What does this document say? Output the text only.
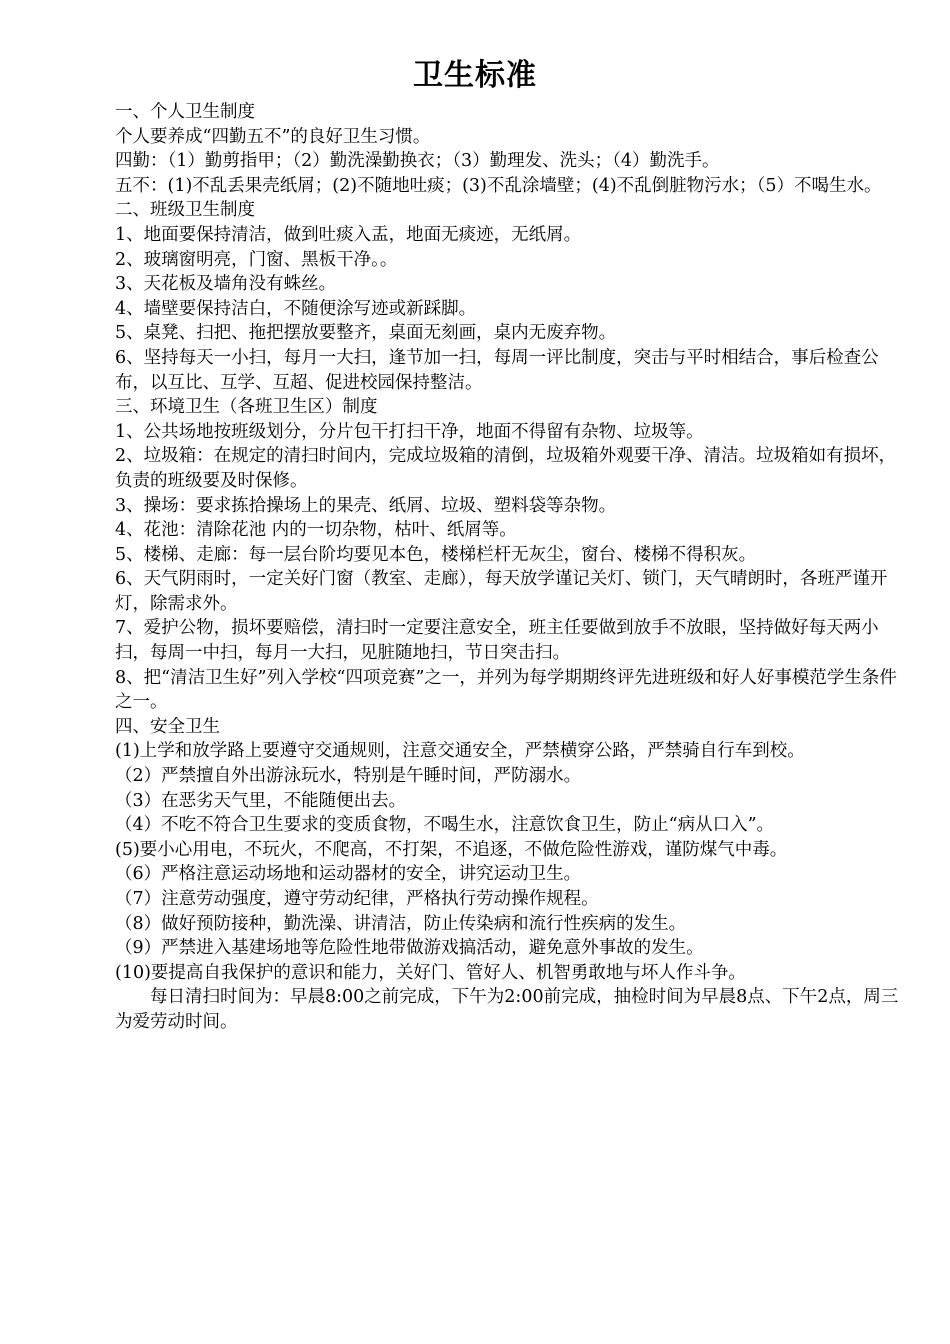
卫生标准

一、个人卫生制度

个人要养成“四勤五不”的良好卫生习惯。

四勤：（1）勤剪指甲；（2）勤洗澡勤换衣；（3）勤理发、洗头；（4）勤洗手。

五不：(1)不乱丢果壳纸屑；(2)不随地吐痰；(3)不乱涂墙壁；(4)不乱倒脏物污水；（5）不喝生水。

二、班级卫生制度

1、地面要保持清洁，做到吐痰入盂，地面无痰迹，无纸屑。

2、玻璃窗明亮，门窗、黑板干净。。

3、天花板及墙角没有蛛丝。

4、墙壁要保持洁白，不随便涂写迹或新踩脚。

5、桌凳、扫把、拖把摆放要整齐，桌面无刻画，桌内无废弃物。

6、坚持每天一小扫，每月一大扫，逢节加一扫，每周一评比制度，突击与平时相结合，事后检查公布，以互比、互学、互超、促进校园保持整洁。

三、环境卫生（各班卫生区）制度

1、公共场地按班级划分，分片包干打扫干净，地面不得留有杂物、垃圾等。

2、垃圾箱：在规定的清扫时间内，完成垃圾箱的清倒，垃圾箱外观要干净、清洁。垃圾箱如有损坏，负责的班级要及时保修。

3、操场：要求拣拾操场上的果壳、纸屑、垃圾、塑料袋等杂物。

4、花池：清除花池 内的一切杂物，枯叶、纸屑等。

5、楼梯、走廊：每一层台阶均要见本色，楼梯栏杆无灰尘，窗台、楼梯不得积灰。

6、天气阴雨时，一定关好门窗（教室、走廊），每天放学谨记关灯、锁门，天气晴朗时，各班严谨开灯，除需求外。

7、爱护公物，损坏要赔偿，清扫时一定要注意安全，班主任要做到放手不放眼，坚持做好每天两小扫，每周一中扫，每月一大扫，见脏随地扫，节日突击扫。

8、把“清洁卫生好”列入学校“四项竞赛”之一，并列为每学期期终评先进班级和好人好事模范学生条件之一。

四、安全卫生

(1)上学和放学路上要遵守交通规则，注意交通安全，严禁横穿公路，严禁骑自行车到校。

（2）严禁擅自外出游泳玩水，特别是午睡时间，严防溺水。

（3）在恶劣天气里，不能随便出去。

（4）不吃不符合卫生要求的变质食物，不喝生水，注意饮食卫生，防止“病从口入”。

(5)要小心用电，不玩火，不爬高，不打架，不追逐，不做危险性游戏，谨防煤气中毒。

（6）严格注意运动场地和运动器材的安全，讲究运动卫生。

（7）注意劳动强度，遵守劳动纪律，严格执行劳动操作规程。

（8）做好预防接种，勤洗澡、讲清洁，防止传染病和流行性疾病的发生。

（9）严禁进入基建场地等危险性地带做游戏搞活动，避免意外事故的发生。

(10)要提高自我保护的意识和能力，关好门、管好人、机智勇敢地与坏人作斗争。

每日清扫时间为：早晨8:00之前完成，下午为2:00前完成，抽检时间为早晨8点、下午2点，周三为爱劳动时间。
